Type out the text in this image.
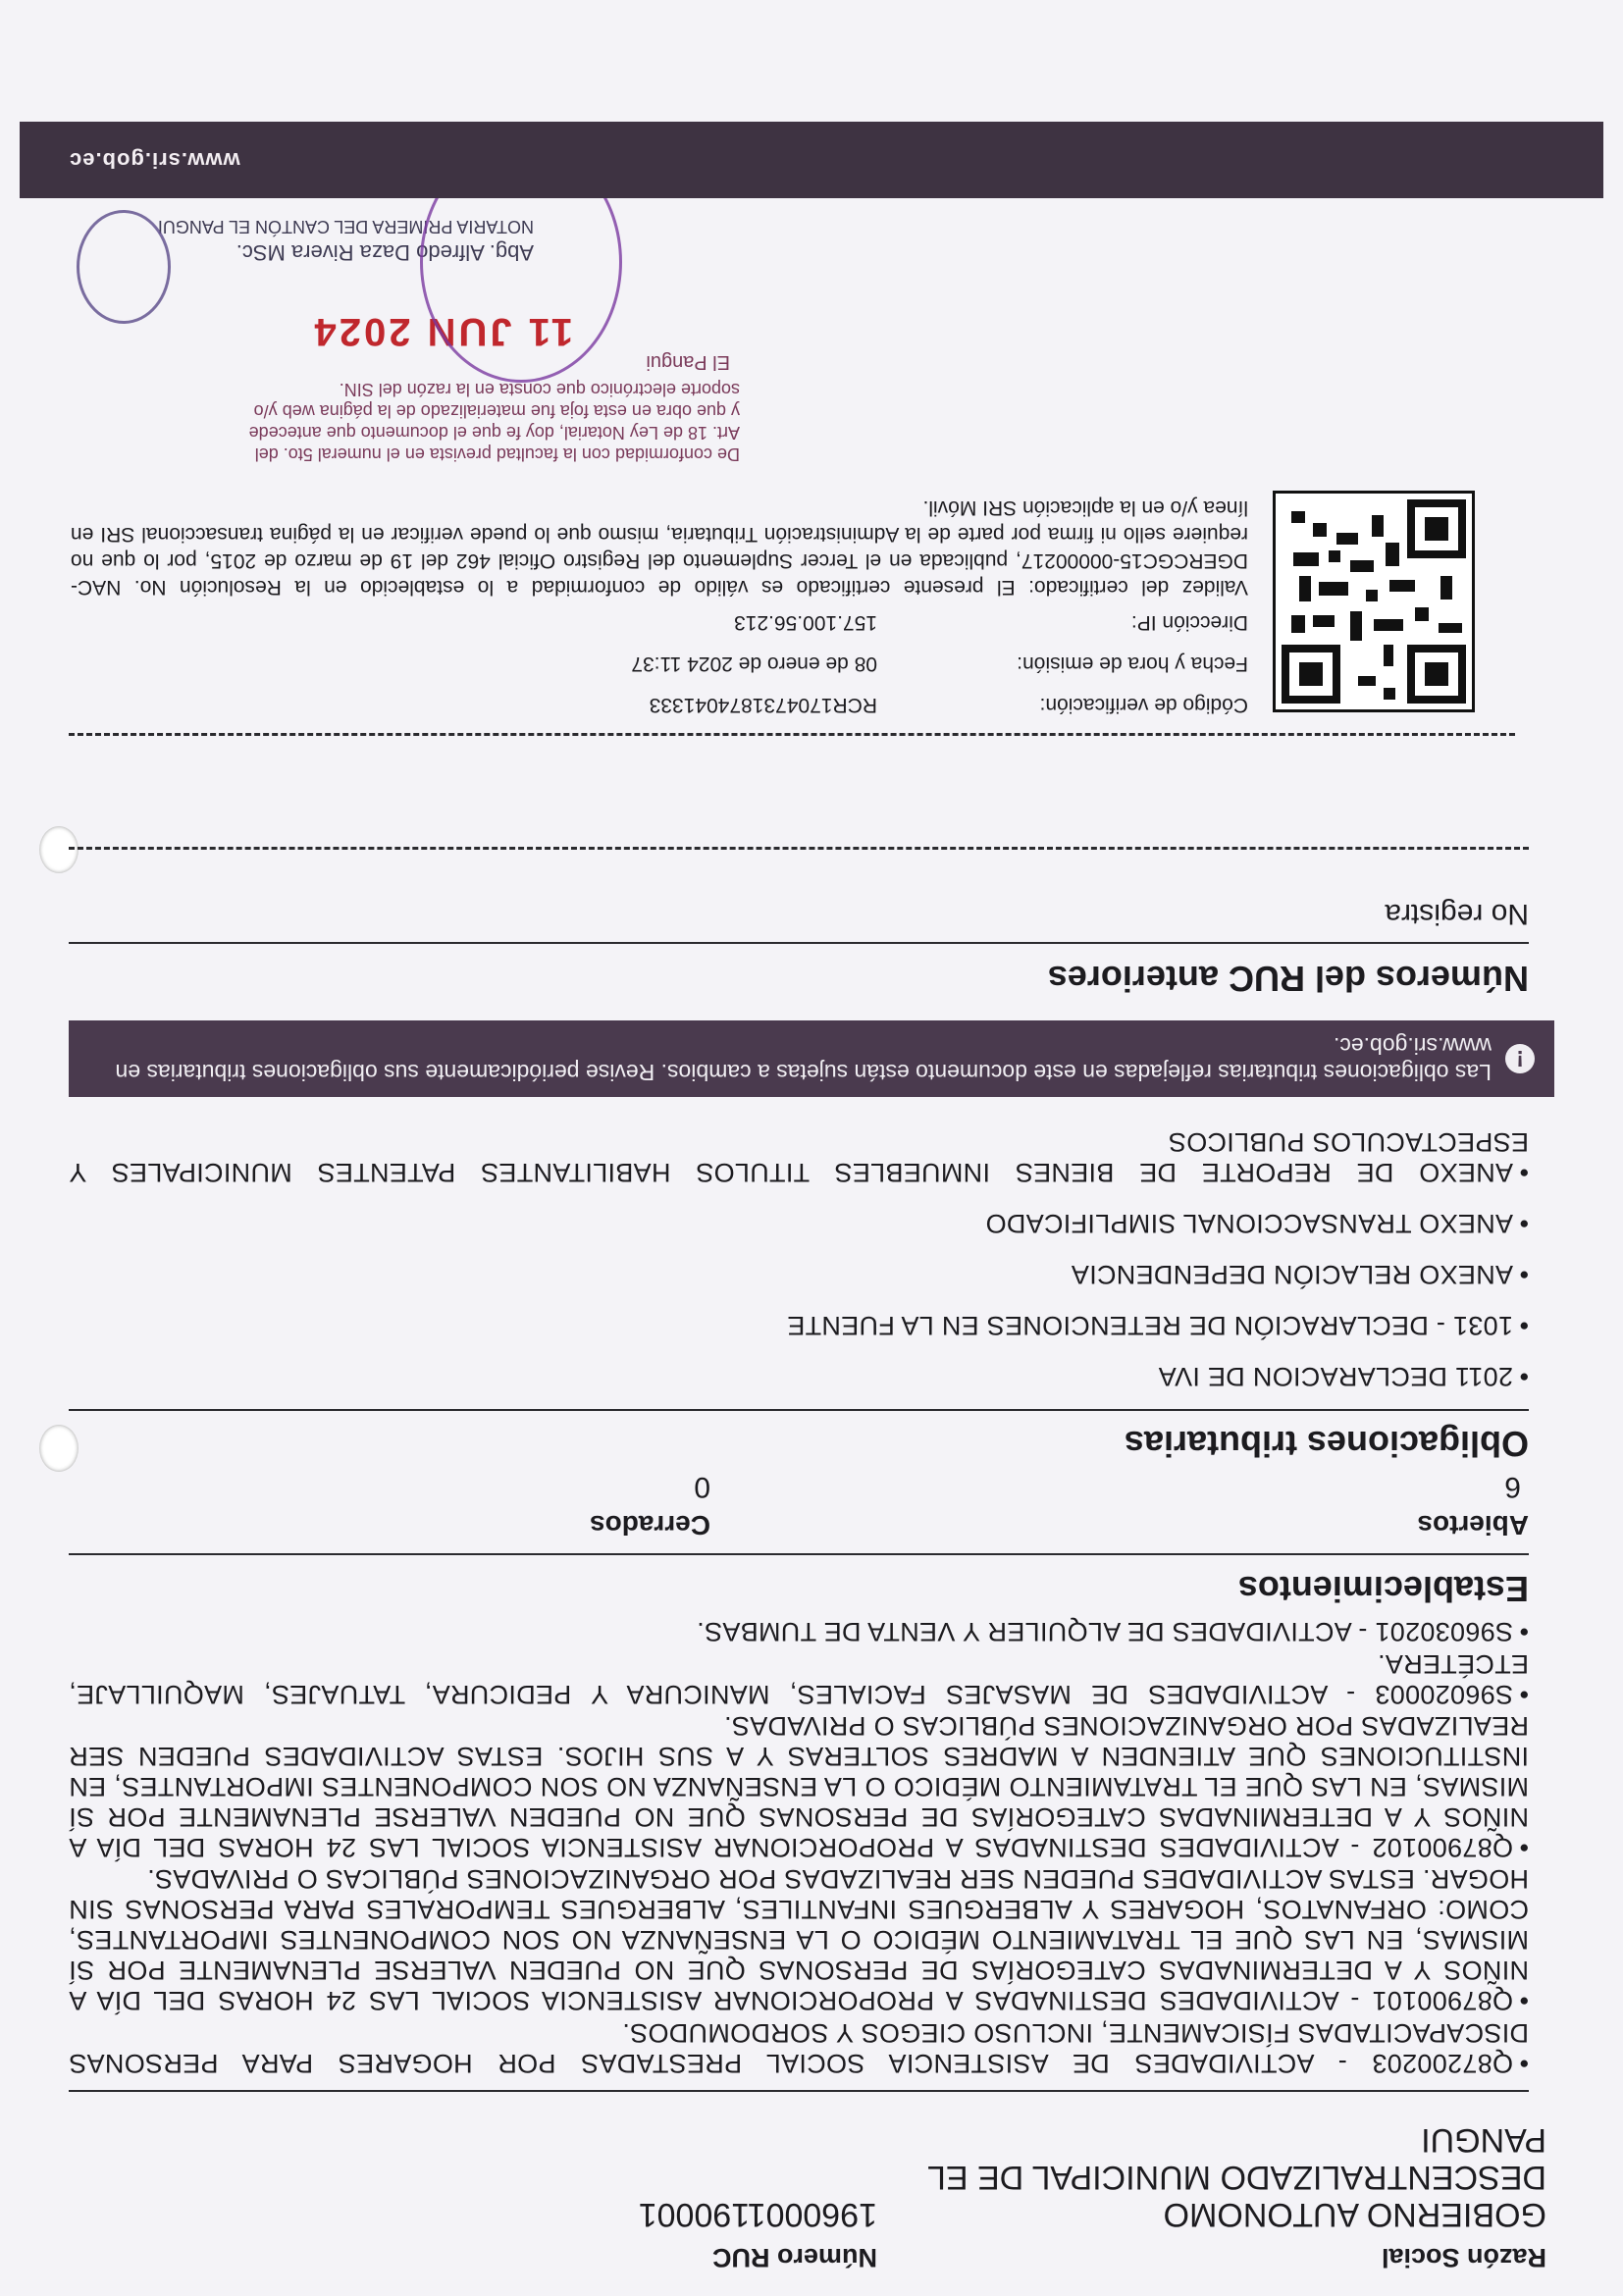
Razón Social
Número RUC
GOBIERNO AUTONOMO
DESCENTRALIZADO MUNICIPAL DE EL
PANGUI
1960001190001
•Q87200203 - ACTIVIDADES DE ASISTENCIA SOCIAL PRESTADAS POR HOGARES PARA PERSONAS DISCAPACITADAS FÍSICAMENTE, INCLUSO CIEGOS Y SORDOMUDOS.
•Q87900101 - ACTIVIDADES DESTINADAS A PROPORCIONAR ASISTENCIA SOCIAL LAS 24 HORAS DEL DÍA A NIÑOS Y A DETERMINADAS CATEGORÍAS DE PERSONAS QUE NO PUEDEN VALERSE PLENAMENTE POR SÍ MISMAS, EN LAS QUE EL TRATAMIENTO MÉDICO O LA ENSEÑANZA NO SON COMPONENTES IMPORTANTES, COMO: ORFANATOS, HOGARES Y ALBERGUES INFANTILES, ALBERGUES TEMPORALES PARA PERSONAS SIN HOGAR. ESTAS ACTIVIDADES PUEDEN SER REALIZADAS POR ORGANIZACIONES PÚBLICAS O PRIVADAS.
•Q87900102 - ACTIVIDADES DESTINADAS A PROPORCIONAR ASISTENCIA SOCIAL LAS 24 HORAS DEL DÍA A NIÑOS Y A DETERMINADAS CATEGORÍAS DE PERSONAS QUE NO PUEDEN VALERSE PLENAMENTE POR SÍ MISMAS, EN LAS QUE EL TRATAMIENTO MÉDICO O LA ENSEÑANZA NO SON COMPONENTES IMPORTANTES, EN INSTITUCIONES QUE ATIENDEN A MADRES SOLTERAS Y A SUS HIJOS. ESTAS ACTIVIDADES PUEDEN SER REALIZADAS POR ORGANIZACIONES PÚBLICAS O PRIVADAS.
•S96020003 - ACTIVIDADES DE MASAJES FACIALES, MANICURA Y PEDICURA, TATUAJES, MAQUILLAJE, ETCÉTERA.
•S96030201 - ACTIVIDADES DE ALQUILER Y VENTA DE TUMBAS.
Establecimientos
Abiertos
Cerrados
6
0
Obligaciones tributarias
•2011 DECLARACION DE IVA
•1031 - DECLARACIÓN DE RETENCIONES EN LA FUENTE
•ANEXO RELACIÓN DEPENDENCIA
•ANEXO TRANSACCIONAL SIMPLIFICADO
•ANEXO DE REPORTE DE BIENES INMUEBLES TITULOS HABILITANTES PATENTES MUNICIPALES Y ESPECTACULOS PUBLICOS
!
Las obligaciones tributarias reflejadas en este documento están sujetas a cambios. Revise periódicamente sus obligaciones tributarias en www.sri.gob.ec.
Números del RUC anteriores
No registra
Código de verificación:
RCR1704731874041333
Fecha y hora de emisión:
08 de enero de 2024 11:37
Dirección IP:
157.100.56.213
Validez del certificado: El presente certificado es válido de conformidad a lo establecido en la Resolución No. NAC-DGERCGC15-00000217, publicada en el Tercer Suplemento del Registro Oficial 462 del 19 de marzo de 2015, por lo que no requiere sello ni firma por parte de la Administración Tributaria, mismo que lo puede verificar en la página transaccional SRI en línea y/o en la aplicación SRI Móvil.
De conformidad con la facultad prevista en el numeral 5to. del
Art. 18 de Ley Notarial, doy fe que el documento que antecede
y que obra en esta foja fue materializado de la página web y/o
soporte electrónico que consta en la razón del SIN.
El Pangui
11 JUN 2024
Abg. Alfredo Daza Rivera MSc.
NOTARIA PRIMERA DEL CANTÓN EL PANGUI
www.sri.gob.ec
